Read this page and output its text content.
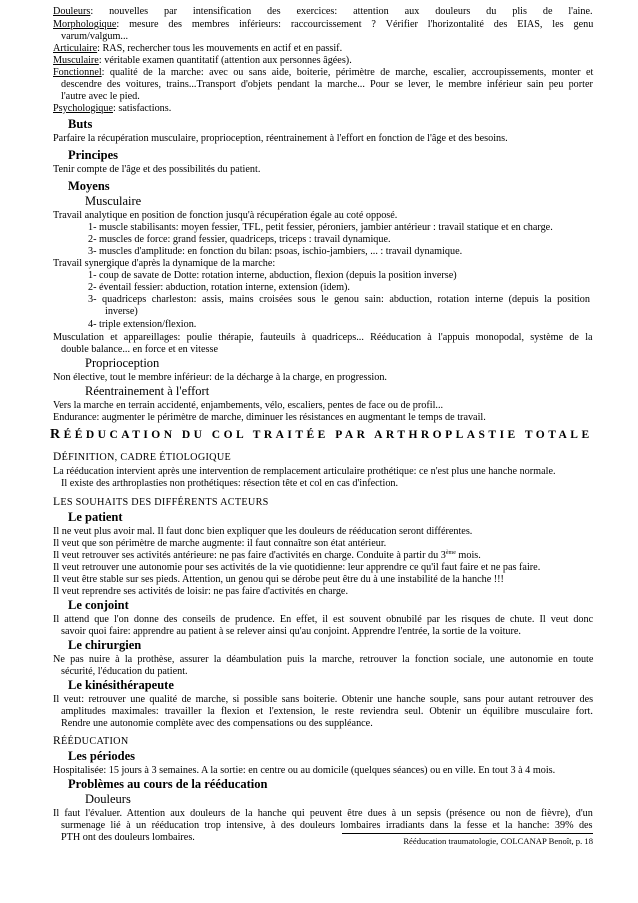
Douleurs: nouvelles par intensification des exercices: attention aux douleurs du plis de l'aine.
Morphologique: mesure des membres inférieurs: raccourcissement ? Vérifier l'horizontalité des EIAS, les genu
varum/valgum...
Articulaire: RAS, rechercher tous les mouvements en actif et en passif.
Musculaire: véritable examen quantitatif (attention aux personnes âgées).
Fonctionnel: qualité de la marche: avec ou sans aide, boiterie, périmètre de marche, escalier, accroupissements, monter et
descendre des voitures, trains...Transport d'objets pendant la marche... Pour se lever, le membre inférieur sain peu porter
l'autre avec le pied.
Psychologique: satisfactions.
Buts
Parfaire la récupération musculaire, proprioception, réentrainement à l'effort en fonction de l'âge et des besoins.
Principes
Tenir compte de l'âge et des possibilités du patient.
Moyens
Musculaire
Travail analytique en position de fonction jusqu'à récupération égale au coté opposé.
1- muscle stabilisants: moyen fessier, TFL, petit fessier, péroniers, jambier antérieur : travail statique et en charge.
2- muscles de force: grand fessier, quadriceps, triceps : travail dynamique.
3- muscles d'amplitude: en fonction du bilan: psoas, ischio-jambiers, ... : travail dynamique.
Travail synergique d'après la dynamique de la marche:
1- coup de savate de Dotte: rotation interne, abduction, flexion (depuis la position inverse)
2- éventail fessier: abduction, rotation interne, extension (idem).
3- quadriceps charleston: assis, mains croisées sous le genou sain: abduction, rotation interne (depuis la position
inverse)
4- triple extension/flexion.
Musculation et appareillages: poulie thérapie, fauteuils à quadriceps... Rééducation à l'appuis monopodal, système de la
double balance... en force et en vitesse
Proprioception
Non élective, tout le membre inférieur: de la décharge à la charge, en progression.
Réentrainement à l'effort
Vers la marche en terrain accidenté, enjambements, vélo, escaliers, pentes de face ou de profil...
Endurance: augmenter le périmètre de marche, diminuer les résistances en augmentant le temps de travail.
RÉÉDUCATION DU COL TRAITÉE PAR ARTHROPLASTIE TOTALE
DÉFINITION, CADRE ÉTIOLOGIQUE
La rééducation intervient après une intervention de remplacement articulaire prothétique: ce n'est plus une hanche normale.
Il existe des arthroplasties non prothétiques: résection tête et col en cas d'infection.
LES SOUHAITS DES DIFFÉRENTS ACTEURS
Le patient
Il ne veut plus avoir mal. Il faut donc bien expliquer que les douleurs de rééducation seront différentes.
Il veut que son périmètre de marche augmente: il faut connaître son état antérieur.
Il veut retrouver ses activités antérieure: ne pas faire d'activités en charge. Conduite à partir du 3ème mois.
Il veut retrouver une autonomie pour ses activités de la vie quotidienne: leur apprendre ce qu'il faut faire et ne pas faire.
Il veut être stable sur ses pieds. Attention, un genou qui se dérobe peut être du à une instabilité de la hanche !!!
Il veut reprendre ses activités de loisir: ne pas faire d'activités en charge.
Le conjoint
Il attend que l'on donne des conseils de prudence. En effet, il est souvent obnubilé par les risques de chute. Il veut donc
savoir quoi faire: apprendre au patient à se relever ainsi qu'au conjoint. Apprendre l'entrée, la sortie de la voiture.
Le chirurgien
Ne pas nuire à la prothèse, assurer la déambulation puis la marche, retrouver la fonction sociale, une autonomie en toute
sécurité, l'éducation du patient.
Le kinésithérapeute
Il veut: retrouver une qualité de marche, si possible sans boiterie. Obtenir une hanche souple, sans pour autant retrouver des
amplitudes maximales: travailler la flexion et l'extension, le reste reviendra seul. Obtenir un équilibre musculaire fort.
Rendre une autonomie complète avec des compensations ou des suppléance.
RÉÉDUCATION
Les périodes
Hospitalisée: 15 jours à 3 semaines. A la sortie: en centre ou au domicile (quelques séances) ou en ville. En tout 3 à 4 mois.
Problèmes au cours de la rééducation
Douleurs
Il faut l'évaluer. Attention aux douleurs de la hanche qui peuvent être dues à un sepsis (présence ou non de fièvre), d'un
surmenage lié à un rééducation trop intensive, à des douleurs lombaires irradiants dans la fesse et la hanche: 39% des
PTH ont des douleurs lombaires.	Rééducation traumatologie, COLCANAP Benoît, p. 18
